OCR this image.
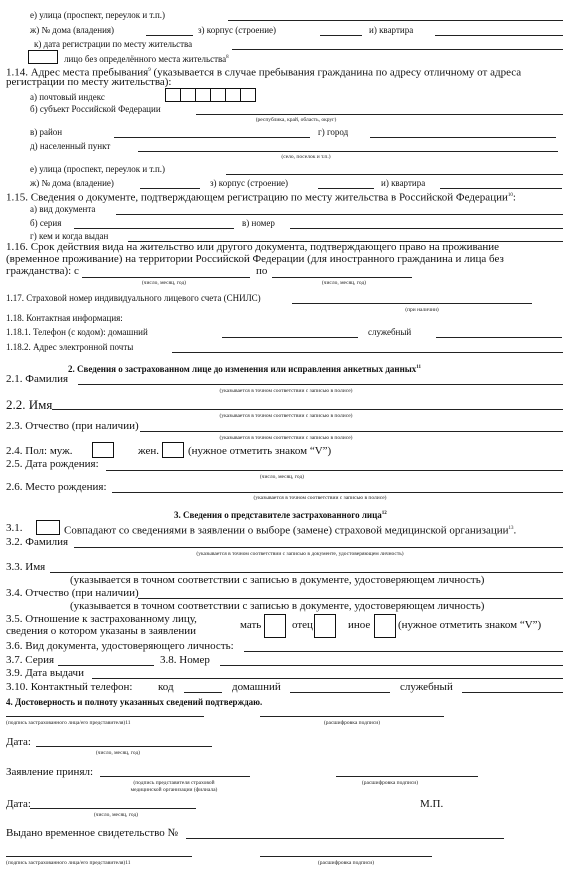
е) улица (проспект, переулок и т.п.)
ж) № дома (владения)	з) корпус (строение)	и) квартира
к) дата регистрации по месту жительства
лицо без определённого места жительства$^8$
1.14. Адрес места пребывания$^9$ (указывается в случае пребывания гражданина по адресу отличному от адреса
регистрации по месту жительства):
а) почтовый индекс
б) субъект Российской Федерации
(республика, край, область, округ)
в) район	г) город
д) населенный пункт
(село, поселок и т.п.)
е) улица (проспект, переулок и т.п.)
ж) № дома (владение)	з) корпус (строение)	и) квартира
1.15. Сведения о документе, подтверждающем регистрацию по месту жительства в Российской Федерации$^{10}$:
а) вид документа
б) серия	в) номер
г) кем и когда выдан
1.16. Срок действия вида на жительство или другого документа, подтверждающего право на проживание
(временное проживание) на территории Российской Федерации (для иностранного гражданина и лица без
гражданства): с	по
(число, месяц, год)	(число, месяц, год)
1.17. Страховой номер индивидуального лицевого счета (СНИЛС)
(при наличии)
1.18. Контактная информация:
1.18.1. Телефон (с кодом): домашний	служебный
1.18.2. Адрес электронной почты
2. Сведения о застрахованном лице до изменения или исправления анкетных данных$^{11}$
2.1. Фамилия
(указывается в точном соответствии с записью в полисе)
2.2. Имя
(указывается в точном соответствии с записью в полисе)
2.3. Отчество (при наличии)
(указывается в точном соответствии с записью в полисе)
2.4. Пол: муж.	жен.	(нужное отметить знаком “V”)
2.5. Дата рождения:
(число, месяц, год)
2.6. Место рождения:
(указывается в точном соответствии с записью в полисе)
3. Сведения о представителе застрахованного лица$^{12}$
3.1.	Совпадают со сведениями в заявлении о выборе (замене) страховой медицинской организации$^{13}$.
3.2. Фамилия
(указывается в точном соответствии с записью в документе, удостоверяющем личность)
3.3. Имя
(указывается в точном соответствии с записью в документе, удостоверяющем личность)
3.4. Отчество (при наличии)
(указывается в точном соответствии с записью в документе, удостоверяющем личность)
3.5. Отношение к застрахованному лицу,
сведения о котором указаны в заявлении	мать	отец	иное	(нужное отметить знаком “V”)
3.6. Вид документа, удостоверяющего личность:
3.7. Серия	3.8. Номер
3.9. Дата выдачи
3.10. Контактный телефон: код	домашний	служебный
4. Достоверность и полноту указанных сведений подтверждаю.
(подпись застрахованного лица/его представителя)11	(расшифровка подписи)
Дата:
(число, месяц, год)
Заявление принял:
(подпись представителя страховой
медицинской организации (филиала)
(расшифровка подписи)
Дата:	М.П.
(число, месяц, год)
Выдано временное свидетельство №
(подпись застрахованного лица/его представителя)11	(расшифровка подписи)
